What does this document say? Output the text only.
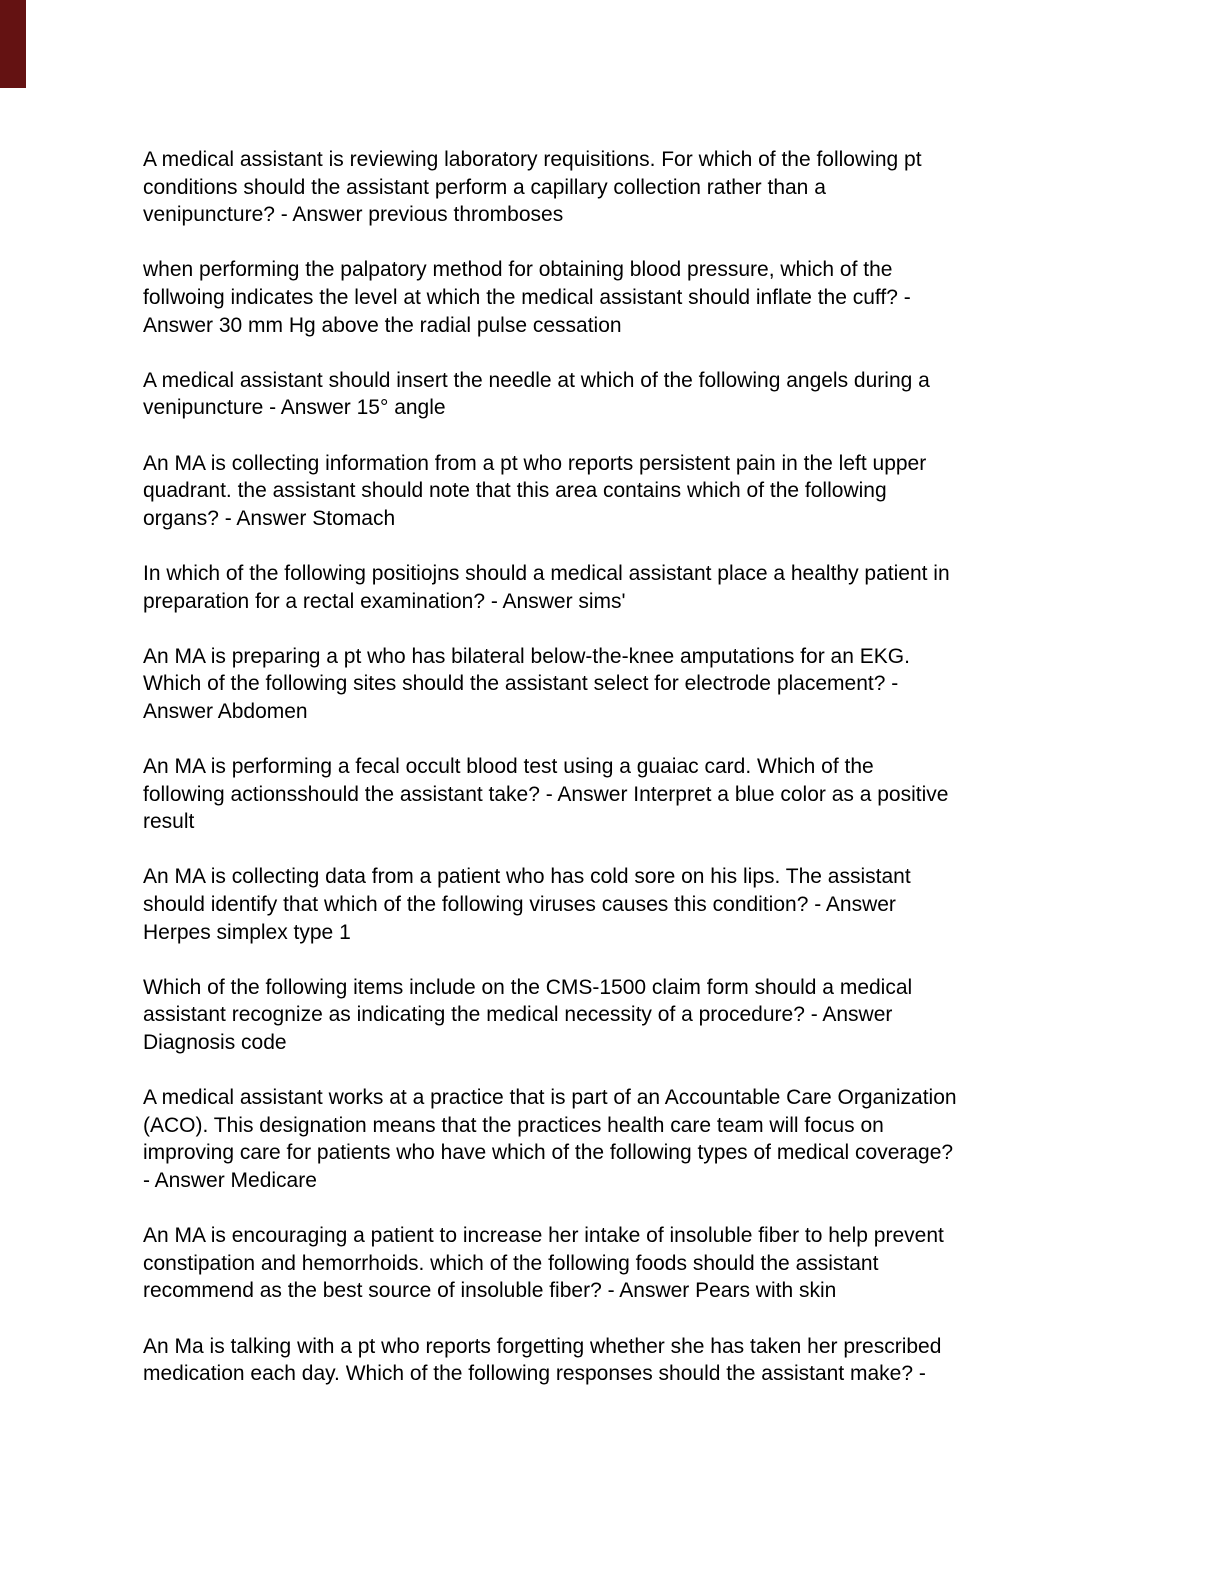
A medical assistant is reviewing laboratory requisitions. For which of the following pt
conditions should the assistant perform a capillary collection rather than a
venipuncture? - Answer previous thromboses
when performing the palpatory method for obtaining blood pressure, which of the
follwoing indicates the level at which the medical assistant should inflate the cuff? -
Answer 30 mm Hg above the radial pulse cessation
A medical assistant should insert the needle at which of the following angels during a
venipuncture - Answer 15° angle
An MA is collecting information from a pt who reports persistent pain in the left upper
quadrant. the assistant should note that this area contains which of the following
organs? - Answer Stomach
In which of the following positiojns should a medical assistant place a healthy patient in
preparation for a rectal examination? - Answer sims'
An MA is preparing a pt who has bilateral below-the-knee amputations for an EKG.
Which of the following sites should the assistant select for electrode placement? -
Answer Abdomen
An MA is performing a fecal occult blood test using a guaiac card. Which of the
following actionsshould the assistant take? - Answer Interpret a blue color as a positive
result
An MA is collecting data from a patient who has cold sore on his lips. The assistant
should identify that which of the following viruses causes this condition? - Answer
Herpes simplex type 1
Which of the following items include on the CMS-1500 claim form should a medical
assistant recognize as indicating the medical necessity of a procedure? - Answer
Diagnosis code
A medical assistant works at a practice that is part of an Accountable Care Organization
(ACO). This designation means that the practices health care team will focus on
improving care for patients who have which of the following types of medical coverage?
- Answer Medicare
An MA is encouraging a patient to increase her intake of insoluble fiber to help prevent
constipation and hemorrhoids. which of the following foods should the assistant
recommend as the best source of insoluble fiber? - Answer Pears with skin
An Ma is talking with a pt who reports forgetting whether she has taken her prescribed
medication each day. Which of the following responses should the assistant make? -
